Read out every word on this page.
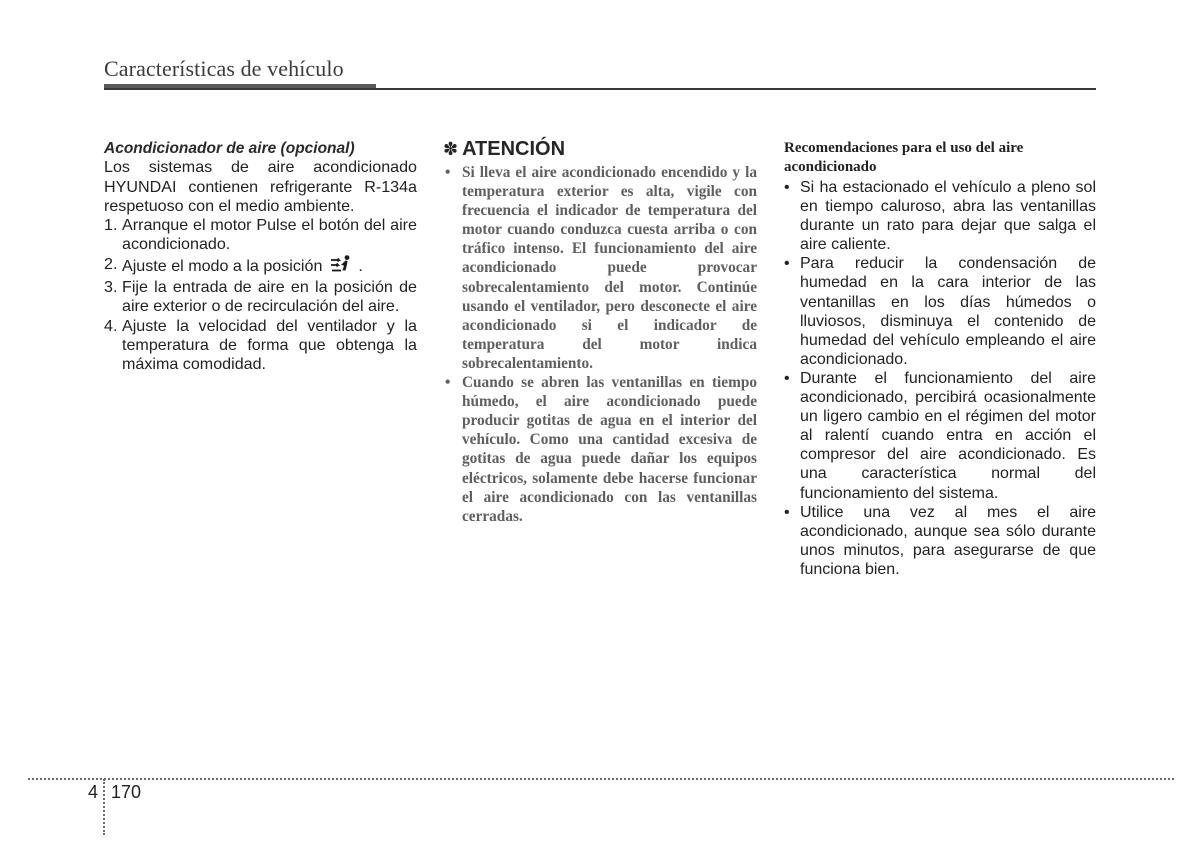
Características de vehículo
Acondicionador de aire (opcional)
Los sistemas de aire acondicionado HYUNDAI contienen refrigerante R-134a respetuoso con el medio ambiente.
1. Arranque el motor Pulse el botón del aire acondicionado.
2. Ajuste el modo a la posición .
3. Fije la entrada de aire en la posición de aire exterior o de recirculación del aire.
4. Ajuste la velocidad del ventilador y la temperatura de forma que obtenga la máxima comodidad.
✽ ATENCIÓN
• Si lleva el aire acondicionado encendido y la temperatura exterior es alta, vigile con frecuencia el indicador de temperatura del motor cuando conduzca cuesta arriba o con tráfico intenso. El funcionamiento del aire acondicionado puede provocar sobrecalentamiento del motor. Continúe usando el ventilador, pero desconecte el aire acondicionado si el indicador de temperatura del motor indica sobrecalentamiento.
• Cuando se abren las ventanillas en tiempo húmedo, el aire acondicionado puede producir gotitas de agua en el interior del vehículo. Como una cantidad excesiva de gotitas de agua puede dañar los equipos eléctricos, solamente debe hacerse funcionar el aire acondicionado con las ventanillas cerradas.
Recomendaciones para el uso del aire acondicionado
• Si ha estacionado el vehículo a pleno sol en tiempo caluroso, abra las ventanillas durante un rato para dejar que salga el aire caliente.
• Para reducir la condensación de humedad en la cara interior de las ventanillas en los días húmedos o lluviosos, disminuya el contenido de humedad del vehículo empleando el aire acondicionado.
• Durante el funcionamiento del aire acondicionado, percibirá ocasionalmente un ligero cambio en el régimen del motor al ralentí cuando entra en acción el compresor del aire acondicionado. Es una característica normal del funcionamiento del sistema.
• Utilice una vez al mes el aire acondicionado, aunque sea sólo durante unos minutos, para asegurarse de que funciona bien.
4 170
